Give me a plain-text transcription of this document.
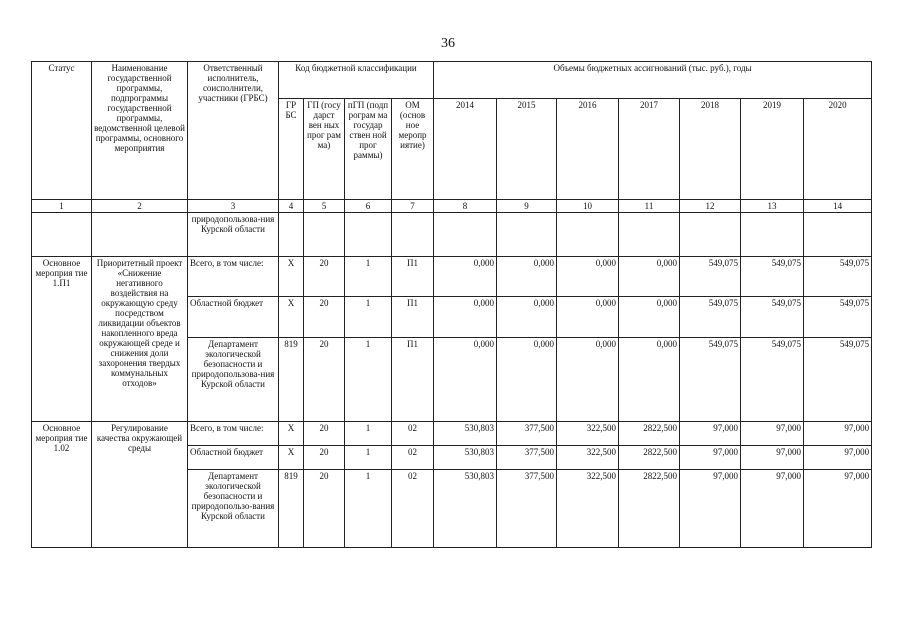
36
Статус	Наименование государственной программы, подпрограммы государственной программы, ведомственной целевой программы, основного мероприятия	Ответственный исполнитель, соисполнители, участники (ГРБС)	Код бюджетной классификации				Объемы бюджетных ассигнований (тыс. руб.), годы						
			ГР БС	ГП (госу дарст вен ных прог рам ма)	пГП (подп рограм ма государ ствен ной прог раммы)	ОМ (основ ное меропр иятие)	2014	2015	2016	2017	2018	2019	2020
1	2	3	4	5	6	7	8	9	10	11	12	13	14
		природопользова-ния Курской области											
Основное мероприя тие 1.П1	Приоритетный проект «Снижение негативного воздействия на окружающую среду посредством ликвидации объектов накопленного вреда окружающей среде и снижения доли захоронения твердых коммунальных отходов»	Всего, в том числе:	X	20	1	П1	0,000	0,000	0,000	0,000	549,075	549,075	549,075
		Областной бюджет	X	20	1	П1	0,000	0,000	0,000	0,000	549,075	549,075	549,075
		Департамент экологической безопасности и природопользова-ния Курской области	819	20	1	П1	0,000	0,000	0,000	0,000	549,075	549,075	549,075
Основное мероприя тие 1.02	Регулирование качества окружающей среды	Всего, в том числе:	X	20	1	02	530,803	377,500	322,500	2822,500	97,000	97,000	97,000
		Областной бюджет	X	20	1	02	530,803	377,500	322,500	2822,500	97,000	97,000	97,000
		Департамент экологической безопасности и природопользо-вания Курской области	819	20	1	02	530,803	377,500	322,500	2822,500	97,000	97,000	97,000
